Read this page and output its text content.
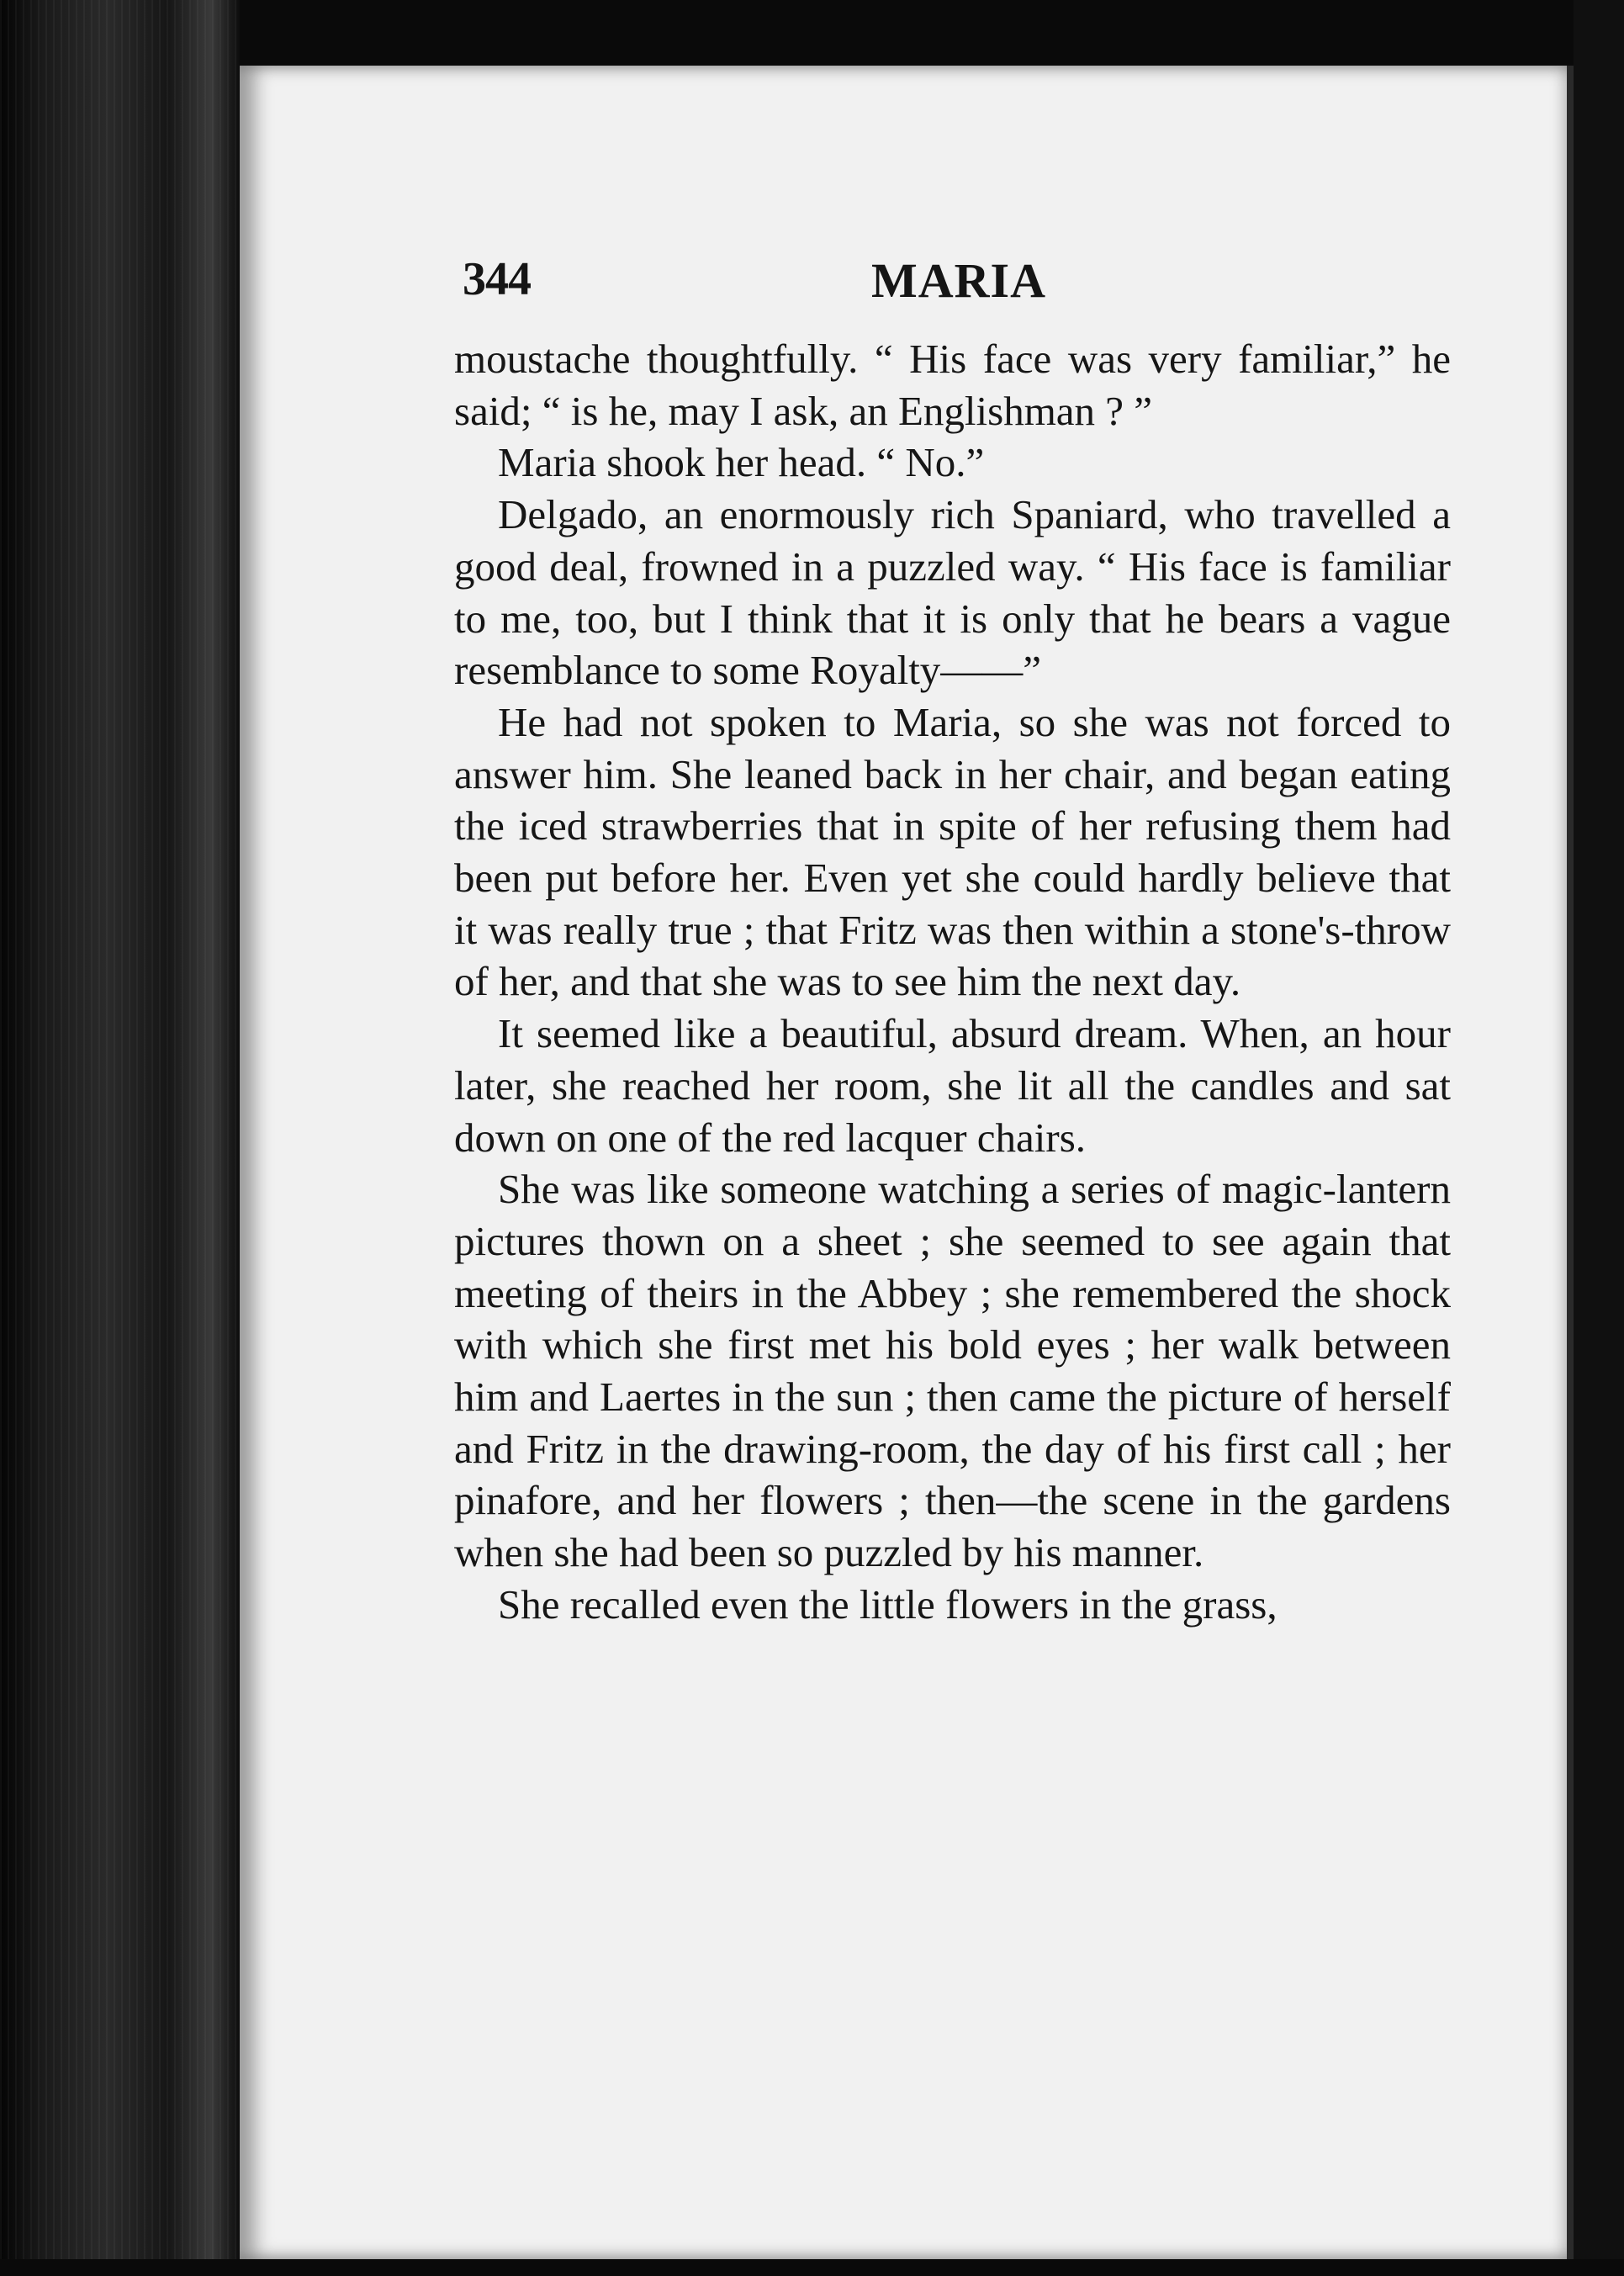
344	MARIA

moustache thoughtfully. “ His face was very familiar,” he said; “ is he, may I ask, an Englishman ? ”

Maria shook her head. “ No.”

Delgado, an enormously rich Spaniard, who travelled a good deal, frowned in a puzzled way. “ His face is familiar to me, too, but I think that it is only that he bears a vague resemblance to some Royalty——”

He had not spoken to Maria, so she was not forced to answer him. She leaned back in her chair, and began eating the iced strawberries that in spite of her refusing them had been put before her. Even yet she could hardly believe that it was really true ; that Fritz was then within a stone's-throw of her, and that she was to see him the next day.

It seemed like a beautiful, absurd dream. When, an hour later, she reached her room, she lit all the candles and sat down on one of the red lacquer chairs.

She was like someone watching a series of magic-lantern pictures thown on a sheet ; she seemed to see again that meeting of theirs in the Abbey ; she remembered the shock with which she first met his bold eyes ; her walk between him and Laertes in the sun ; then came the picture of herself and Fritz in the drawing-room, the day of his first call ; her pinafore, and her flowers ; then—the scene in the gardens when she had been so puzzled by his manner.

She recalled even the little flowers in the grass,
